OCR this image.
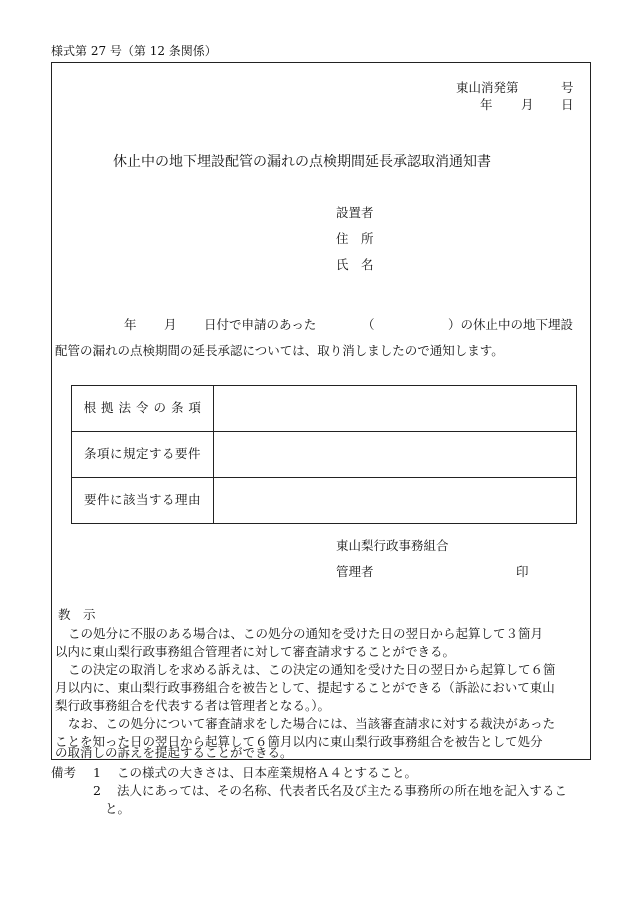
様式第 27 号（第 12 条関係）
東山消発第	号
年 月 日
休止中の地下埋設配管の漏れの点検期間延長承認取消通知書
設置者
住　所
氏　名
年 月 日付で申請のあった	（	）の休止中の地下埋設
配管の漏れの点検期間の延長承認については、取り消しましたので通知します。
根 拠 法 令 の 条 項	
条項に規定する要件	
要件に該当する理由	
東山梨行政事務組合
管理者	印
教　示
この処分に不服のある場合は、この処分の通知を受けた日の翌日から起算して３箇月
以内に東山梨行政事務組合管理者に対して審査請求することができる。
この決定の取消しを求める訴えは、この決定の通知を受けた日の翌日から起算して６箇
月以内に、東山梨行政事務組合を被告として、提起することができる（訴訟において東山
梨行政事務組合を代表する者は管理者となる。）。
なお、この処分について審査請求をした場合には、当該審査請求に対する裁決があった
ことを知った日の翌日から起算して６箇月以内に東山梨行政事務組合を被告として処分
の取消しの訴えを提起することができる。
備考 1 この様式の大きさは、日本産業規格Ａ４とすること。
2 法人にあっては、その名称、代表者氏名及び主たる事務所の所在地を記入するこ
と。
